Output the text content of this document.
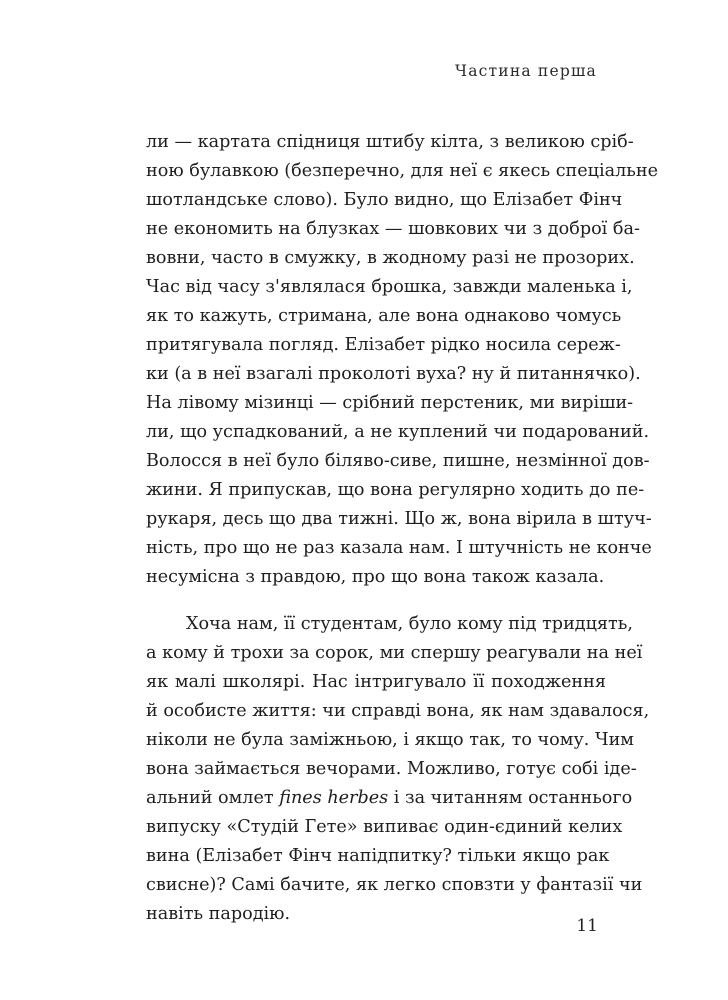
Частина перша
ли — картата спідниця штибу кілта, з великою сріб-
ною булавкою (безперечно, для неї є якесь спеціальне
шотландське слово). Було видно, що Елізабет Фінч
не економить на блузках — шовкових чи з доброї ба-
вовни, часто в смужку, в жодному разі не прозорих.
Час від часу з'являлася брошка, завжди маленька і,
як то кажуть, стримана, але вона однаково чомусь
притягувала погляд. Елізабет рідко носила сереж-
ки (а в неї взагалі проколоті вуха? ну й питаннячко).
На лівому мізинці — срібний перстеник, ми виріши-
ли, що успадкований, а не куплений чи подарований.
Волосся в неї було біляво-сиве, пишне, незмінної дов-
жини. Я припускав, що вона регулярно ходить до пе-
рукаря, десь що два тижні. Що ж, вона вірила в штуч-
ність, про що не раз казала нам. І штучність не конче
несумісна з правдою, про що вона також казала.
Хоча нам, її студентам, було кому під тридцять,
а кому й трохи за сорок, ми спершу реагували на неї
як малі школярі. Нас інтригувало її походження
й особисте життя: чи справді вона, як нам здавалося,
ніколи не була заміжньою, і якщо так, то чому. Чим
вона займається вечорами. Можливо, готує собі іде-
альний омлет fines herbes і за читанням останнього
випуску «Студій Гете» випиває один-єдиний келих
вина (Елізабет Фінч напідпитку? тільки якщо рак
свисне)? Самі бачите, як легко сповзти у фантазії чи
навіть пародію.
11
